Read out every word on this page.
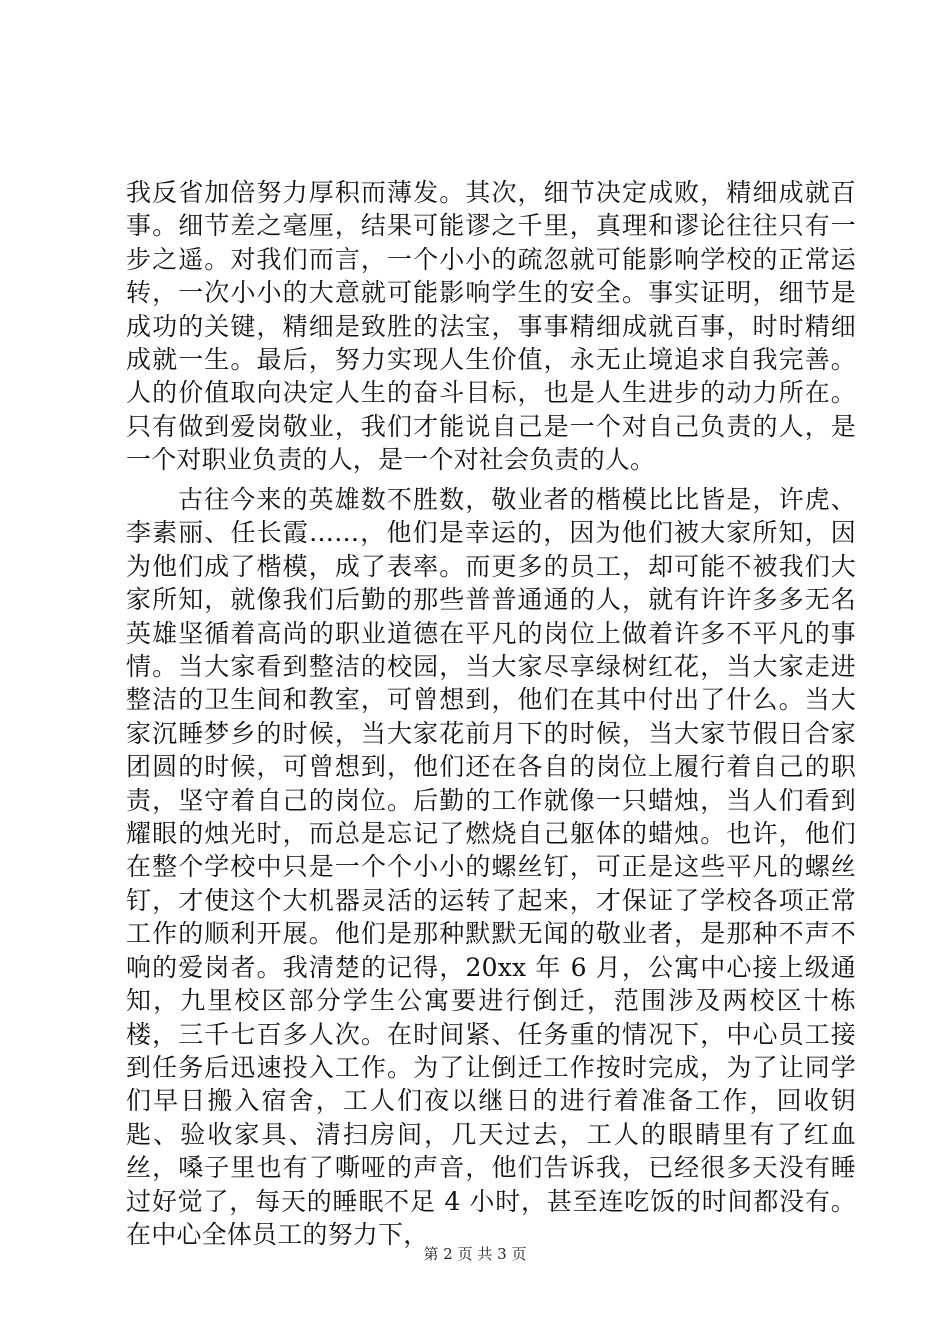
我反省加倍努力厚积而薄发。其次，细节决定成败，精细成就百事。细节差之毫厘，结果可能谬之千里，真理和谬论往往只有一步之遥。对我们而言，一个小小的疏忽就可能影响学校的正常运转，一次小小的大意就可能影响学生的安全。事实证明，细节是成功的关键，精细是致胜的法宝，事事精细成就百事，时时精细成就一生。最后，努力实现人生价值，永无止境追求自我完善。人的价值取向决定人生的奋斗目标，也是人生进步的动力所在。只有做到爱岗敬业，我们才能说自己是一个对自己负责的人，是一个对职业负责的人，是一个对社会负责的人。

古往今来的英雄数不胜数，敬业者的楷模比比皆是，许虎、李素丽、任长霞……，他们是幸运的，因为他们被大家所知，因为他们成了楷模，成了表率。而更多的员工，却可能不被我们大家所知，就像我们后勤的那些普普通通的人，就有许许多多无名英雄坚循着高尚的职业道德在平凡的岗位上做着许多不平凡的事情。当大家看到整洁的校园，当大家尽享绿树红花，当大家走进整洁的卫生间和教室，可曾想到，他们在其中付出了什么。当大家沉睡梦乡的时候，当大家花前月下的时候，当大家节假日合家团圆的时候，可曾想到，他们还在各自的岗位上履行着自己的职责，坚守着自己的岗位。后勤的工作就像一只蜡烛，当人们看到耀眼的烛光时，而总是忘记了燃烧自己躯体的蜡烛。也许，他们在整个学校中只是一个个小小的螺丝钉，可正是这些平凡的螺丝钉，才使这个大机器灵活的运转了起来，才保证了学校各项正常工作的顺利开展。他们是那种默默无闻的敬业者，是那种不声不响的爱岗者。我清楚的记得，20xx 年 6 月，公寓中心接上级通知，九里校区部分学生公寓要进行倒迁，范围涉及两校区十栋楼，三千七百多人次。在时间紧、任务重的情况下，中心员工接到任务后迅速投入工作。为了让倒迁工作按时完成，为了让同学们早日搬入宿舍，工人们夜以继日的进行着准备工作，回收钥匙、验收家具、清扫房间，几天过去，工人的眼睛里有了红血丝，嗓子里也有了嘶哑的声音，他们告诉我，已经很多天没有睡过好觉了，每天的睡眠不足 4 小时，甚至连吃饭的时间都没有。在中心全体员工的努力下，

第 2 页 共 3 页
